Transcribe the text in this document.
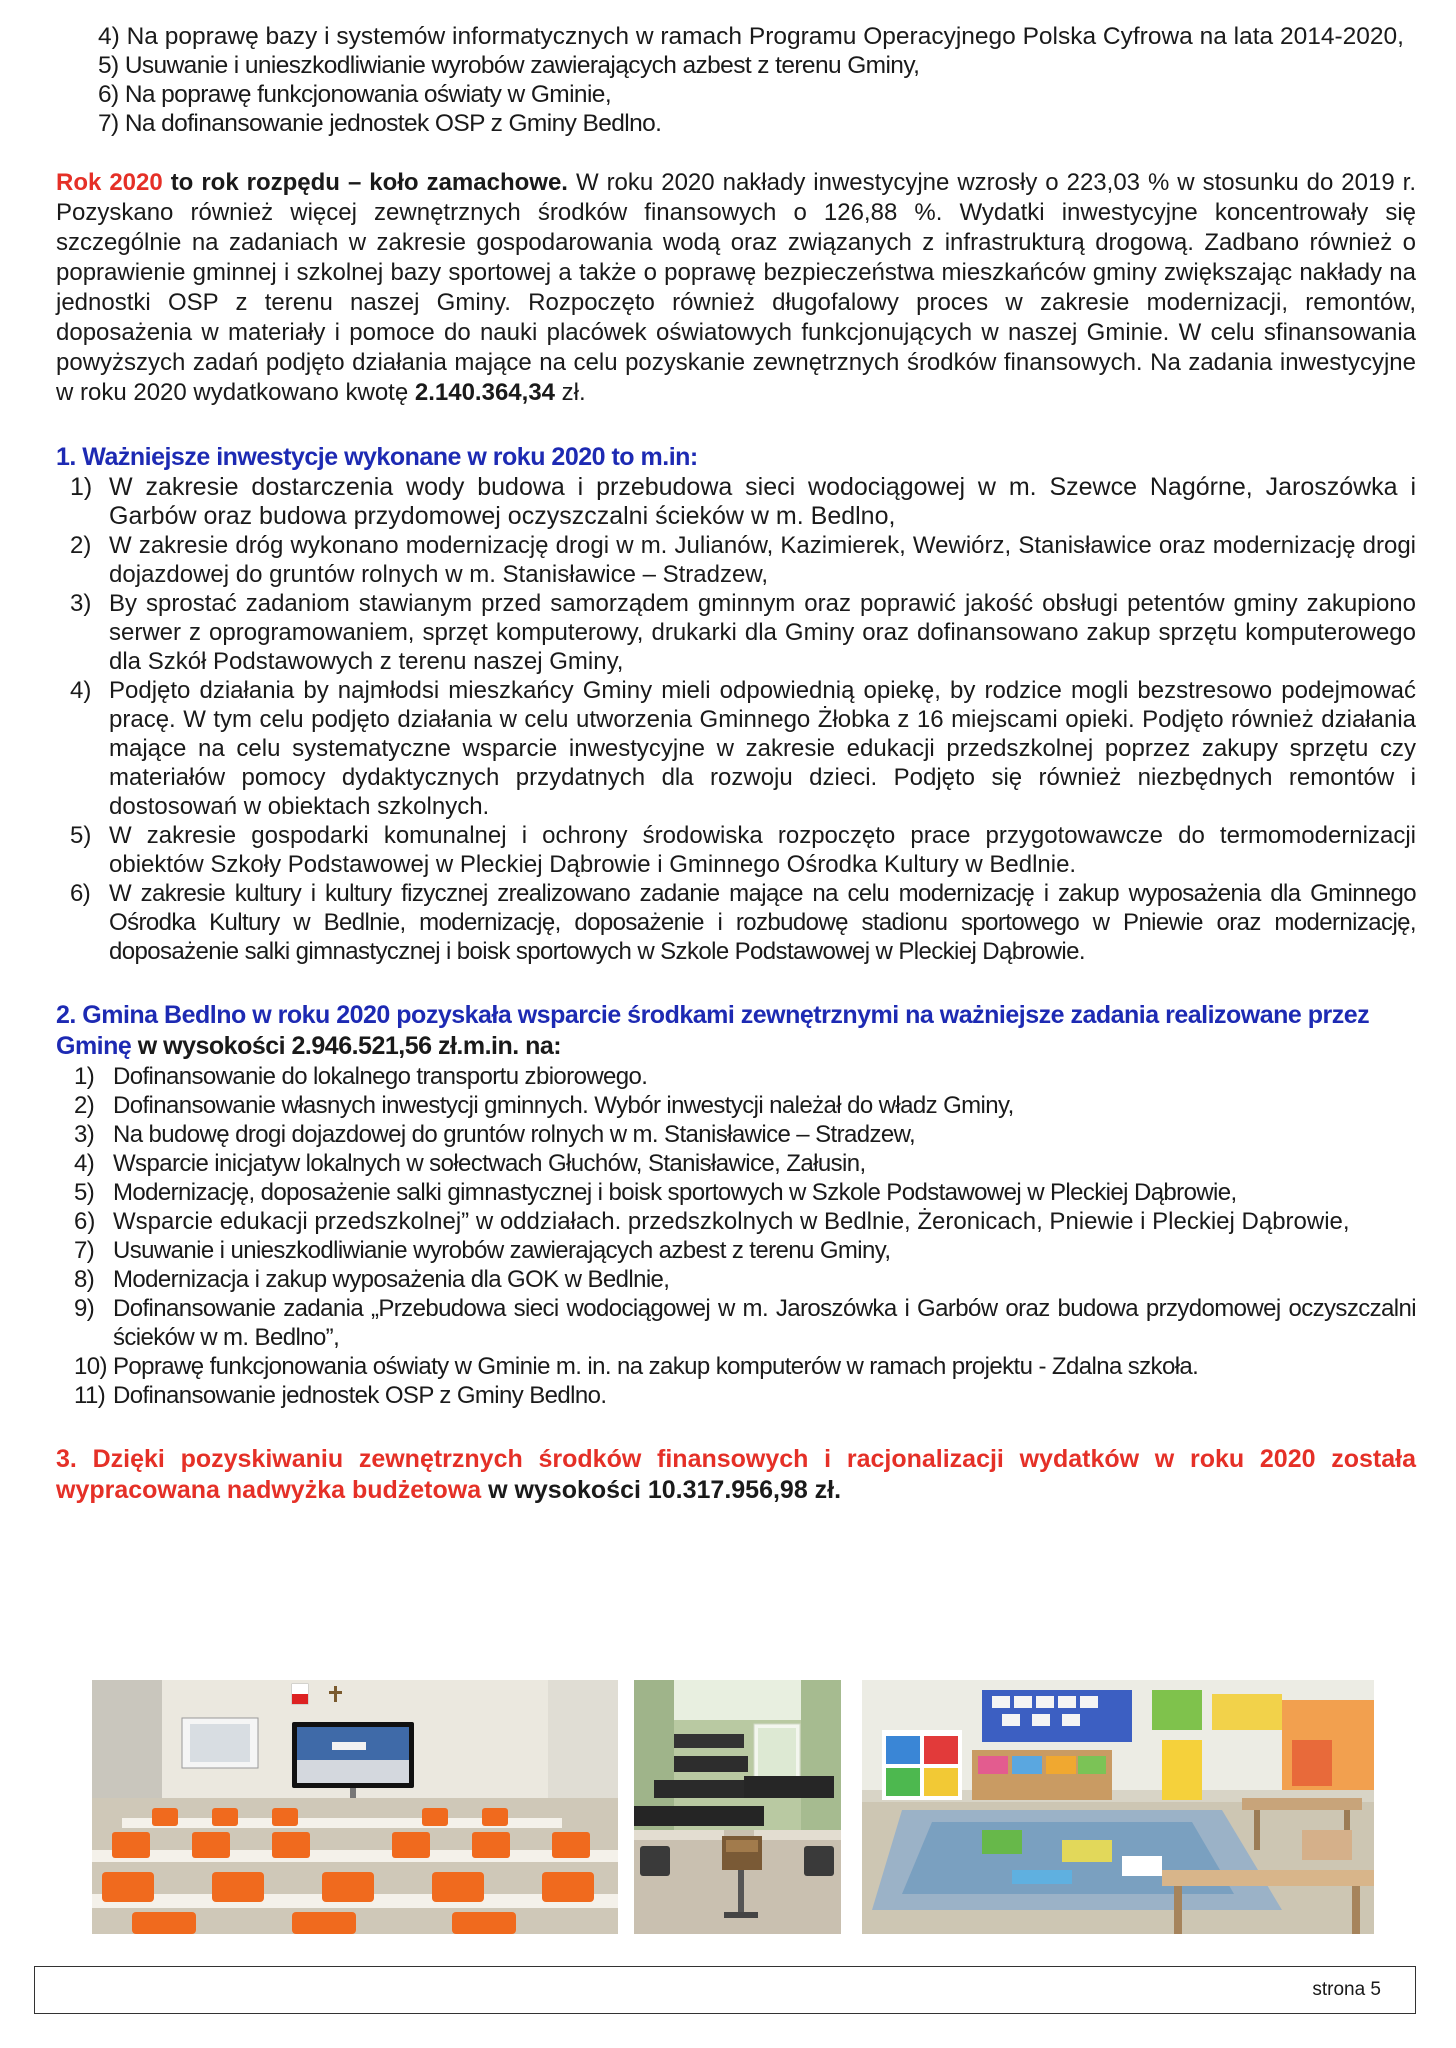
4) Na poprawę bazy i systemów informatycznych w ramach Programu Operacyjnego Polska Cyfrowa na lata 2014-2020,
5) Usuwanie i unieszkodliwianie wyrobów zawierających azbest z terenu Gminy,
6) Na poprawę funkcjonowania oświaty w Gminie,
7) Na dofinansowanie jednostek OSP z Gminy Bedlno.

Rok 2020 to rok rozpędu – koło zamachowe. W roku 2020 nakłady inwestycyjne wzrosły o 223,03 % w stosunku do 2019 r. Pozyskano również więcej zewnętrznych środków finansowych o 126,88 %. Wydatki inwestycyjne koncentrowały się szczególnie na zadaniach w zakresie gospodarowania wodą oraz związanych z infrastrukturą drogową. Zadbano również o poprawienie gminnej i szkolnej bazy sportowej a także o poprawę bezpieczeństwa mieszkańców gminy zwiększając nakłady na jednostki OSP z terenu naszej Gminy. Rozpoczęto również długofalowy proces w zakresie modernizacji, remontów, doposażenia w materiały i pomoce do nauki placówek oświatowych funkcjonujących w naszej Gminie. W celu sfinansowania powyższych zadań podjęto działania mające na celu pozyskanie zewnętrznych środków finansowych. Na zadania inwestycyjne w roku 2020 wydatkowano kwotę 2.140.364,34 zł.

1. Ważniejsze inwestycje wykonane w roku 2020 to m.in:

1) W zakresie dostarczenia wody budowa i przebudowa sieci wodociągowej w m. Szewce Nagórne, Jaroszówka i Garbów oraz budowa przydomowej oczyszczalni ścieków w m. Bedlno,
2) W zakresie dróg wykonano modernizację drogi w m. Julianów, Kazimierek, Wewiórz, Stanisławice oraz modernizację drogi dojazdowej do gruntów rolnych w m. Stanisławice – Stradzew,
3) By sprostać zadaniom stawianym przed samorządem gminnym oraz poprawić jakość obsługi petentów gminy zakupiono serwer z oprogramowaniem, sprzęt komputerowy, drukarki dla Gminy oraz dofinansowano zakup sprzętu komputerowego dla Szkół Podstawowych z terenu naszej Gminy,
4) Podjęto działania by najmłodsi mieszkańcy Gminy mieli odpowiednią opiekę, by rodzice mogli bezstresowo podejmować pracę. W tym celu podjęto działania w celu utworzenia Gminnego Żłobka z 16 miejscami opieki. Podjęto również działania mające na celu systematyczne wsparcie inwestycyjne w zakresie edukacji przedszkolnej poprzez zakupy sprzętu czy materiałów pomocy dydaktycznych przydatnych dla rozwoju dzieci. Podjęto się również niezbędnych remontów i dostosowań w obiektach szkolnych.
5) W zakresie gospodarki komunalnej i ochrony środowiska rozpoczęto prace przygotowawcze do termomodernizacji obiektów Szkoły Podstawowej w Pleckiej Dąbrowie i Gminnego Ośrodka Kultury w Bedlnie.
6) W zakresie kultury i kultury fizycznej zrealizowano zadanie mające na celu modernizację i zakup wyposażenia dla Gminnego Ośrodka Kultury w Bedlnie, modernizację, doposażenie i rozbudowę stadionu sportowego w Pniewie oraz modernizację, doposażenie salki gimnastycznej i boisk sportowych w Szkole Podstawowej w Pleckiej Dąbrowie.

2. Gmina Bedlno w roku 2020 pozyskała wsparcie środkami zewnętrznymi na ważniejsze zadania realizowane przez Gminę w wysokości 2.946.521,56 zł.m.in. na:

1) Dofinansowanie do lokalnego transportu zbiorowego.
2) Dofinansowanie własnych inwestycji gminnych. Wybór inwestycji należał do władz Gminy,
3) Na budowę drogi dojazdowej do gruntów rolnych w m. Stanisławice – Stradzew,
4) Wsparcie inicjatyw lokalnych w sołectwach Głuchów, Stanisławice, Załusin,
5) Modernizację, doposażenie salki gimnastycznej i boisk sportowych w Szkole Podstawowej w Pleckiej Dąbrowie,
6) Wsparcie edukacji przedszkolnej” w oddziałach. przedszkolnych w Bedlnie, Żeronicach, Pniewie i Pleckiej Dąbrowie,
7) Usuwanie i unieszkodliwianie wyrobów zawierających azbest z terenu Gminy,
8) Modernizacja i zakup wyposażenia dla GOK w Bedlnie,
9) Dofinansowanie zadania „Przebudowa sieci wodociągowej w m. Jaroszówka i Garbów oraz budowa przydomowej oczyszczalni ścieków w m. Bedlno”,
10) Poprawę funkcjonowania oświaty w Gminie m. in. na zakup komputerów w ramach projektu - Zdalna szkoła.
11) Dofinansowanie jednostek OSP z Gminy Bedlno.

3. Dzięki pozyskiwaniu zewnętrznych środków finansowych i racjonalizacji wydatków w roku 2020 została wypracowana nadwyżka budżetowa w wysokości 10.317.956,98 zł.

strona 5
